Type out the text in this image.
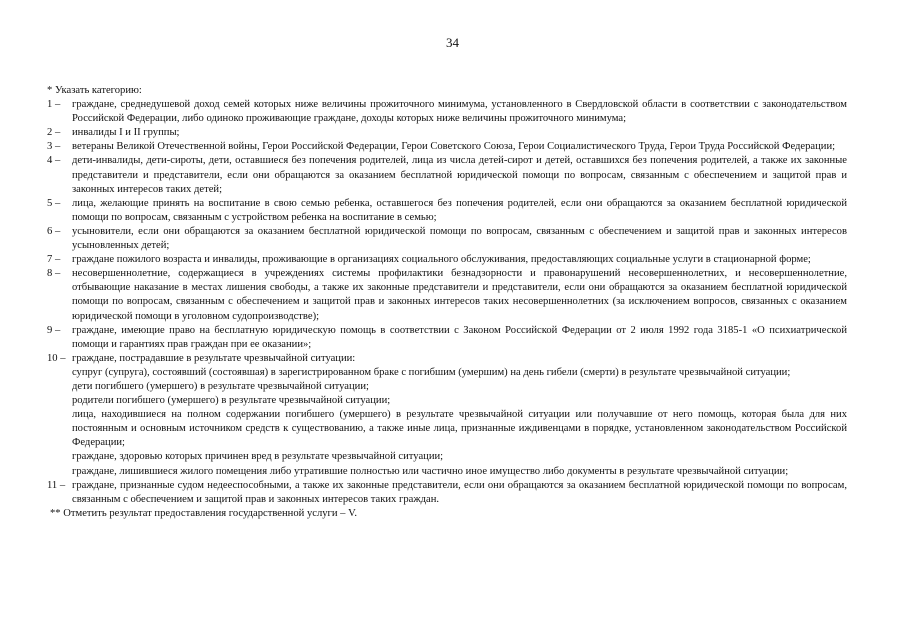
34

* Указать категорию:

1 –	граждане, среднедушевой доход семей которых ниже величины прожиточного минимума, установленного в Свердловской области в соответствии с законодательством Российской Федерации, либо одиноко проживающие граждане, доходы которых ниже величины прожиточного минимума;
2 –	инвалиды I и II группы;
3 –	ветераны Великой Отечественной войны, Герои Российской Федерации, Герои Советского Союза, Герои Социалистического Труда, Герои Труда Российской Федерации;
4 –	дети-инвалиды, дети-сироты, дети, оставшиеся без попечения родителей, лица из числа детей-сирот и детей, оставшихся без попечения родителей, а также их законные представители и представители, если они обращаются за оказанием бесплатной юридической помощи по вопросам, связанным с обеспечением и защитой прав и законных интересов таких детей;
5 –	лица, желающие принять на воспитание в свою семью ребенка, оставшегося без попечения родителей, если они обращаются за оказанием бесплатной юридической помощи по вопросам, связанным с устройством ребенка на воспитание в семью;
6 –	усыновители, если они обращаются за оказанием бесплатной юридической помощи по вопросам, связанным с обеспечением и защитой прав и законных интересов усыновленных детей;
7 –	граждане пожилого возраста и инвалиды, проживающие в организациях социального обслуживания, предоставляющих социальные услуги в стационарной форме;
8 –	несовершеннолетние, содержащиеся в учреждениях системы профилактики безнадзорности и правонарушений несовершеннолетних, и несовершеннолетние, отбывающие наказание в местах лишения свободы, а также их законные представители и представители, если они обращаются за оказанием бесплатной юридической помощи по вопросам, связанным с обеспечением и защитой прав и законных интересов таких несовершеннолетних (за исключением вопросов, связанных с оказанием юридической помощи в уголовном судопроизводстве);
9 –	граждане, имеющие право на бесплатную юридическую помощь в соответствии с Законом Российской Федерации от 2 июля 1992 года 3185-1 «О психиатрической помощи и гарантиях прав граждан при ее оказании»;
10 – граждане, пострадавшие в результате чрезвычайной ситуации:
супруг (супруга), состоявший (состоявшая) в зарегистрированном браке с погибшим (умершим) на день гибели (смерти) в результате чрезвычайной ситуации;
дети погибшего (умершего) в результате чрезвычайной ситуации;
родители погибшего (умершего) в результате чрезвычайной ситуации;
лица, находившиеся на полном содержании погибшего (умершего) в результате чрезвычайной ситуации или получавшие от него помощь, которая была для них постоянным и основным источником средств к существованию, а также иные лица, признанные иждивенцами в порядке, установленном законодательством Российской Федерации;
граждане, здоровью которых причинен вред в результате чрезвычайной ситуации;
граждане, лишившиеся жилого помещения либо утратившие полностью или частично иное имущество либо документы в результате чрезвычайной ситуации;
11 – граждане, признанные судом недееспособными, а также их законные представители, если они обращаются за оказанием бесплатной юридической помощи по вопросам, связанным с обеспечением и защитой прав и законных интересов таких граждан.

** Отметить результат предоставления государственной услуги – V.
